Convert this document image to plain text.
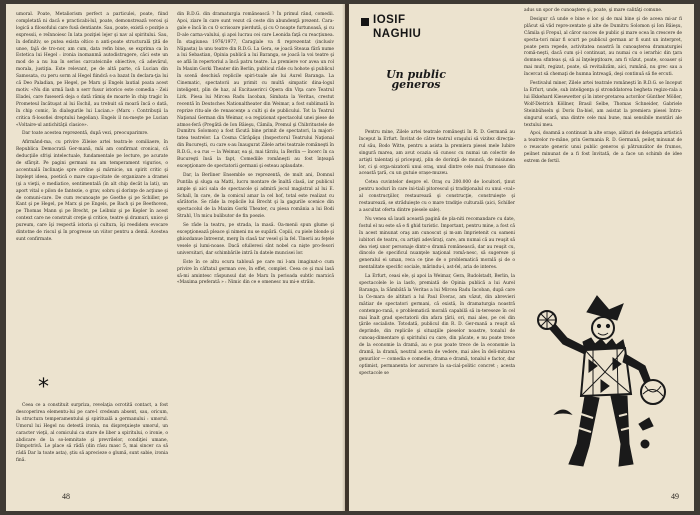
umoral. Poate, Metaliorism perfect a particulei, poate, fiind completată ni dacă e practicabi-lul, poate, demonstrează verosi şi logică a filosofului care fusă dentiante. Sau, poate, există o poziţie a expressii, e reînnoiesc în lata poziţiei lejer şi nav al spiritului. Sau, în definitiv, se putea exista oltico n anti-poate structurală ţită de unoe, fajă de tro-nor, am cum, data refin bine, se exprima ca în Estetica lui Hegel : ironia inomanmă autodistrugere, căci este un mod de a nu lua în serios carcateicnile obiective, că adevărul, morala, justiţia. Este relevant, pe de altă parte, că Lucian din Samosata, cu peru sorm al Hegel fiindcă s-a bazat în declara-ţia lui că Deo Paladian, pe Hegel, pe Marx şi Engels lautial poata acest motiv. «Nu din urmă Iash n serr fusur istorico este comedia - Zeii Eladei, care fuseseră deja o dată rămiş de moarte în chip tragic în Prometeul încătuşat al lui Eschil, au trebuit să moară încă o dată, în chip comic, în dialogurile lui Lucian.» (Marx : Contribuţii la critica fi-losofiei dreptului hegelian). Engels il nu-meşte pe Lucian «Voltaire-ul antichităţii clasice».

Dar toate acestea reprezentă, după vezi, preocuparimre.

Afirmând-ma, cu privire Zileise artei teatra-le comiliaere, în Republica Democrată Ger-mană, măi am confirmat cronicai, că deducţiile sfrişi intelectuale, fundamentale pe lecture, pe acurate de sfârşit. Pe pagini germani nu am temperament vigurios, o accentuală înclinaţie spre ordine şi mărnicie, un spirit critic şi înţelept ideea, poetică o mare capa-citate de organizare a dramei (şi a vieţii, e mediatice, sentimentală (în alt chip decât la lati), un aport vital o pilon de fantezie, o grav, sobru şi dorinţe de acţiune şi de comuni-care. De cum recunoaşte pe Goethe şi pe Schiller, pe Kant şi pe Hegel, pe Marx şi pe Engels, pe Bach şi pe Beethoven, pe Thomas Mann şi pe Brecht, pe Leibniz şi pe Kepler în acest context care ne construit creţie şi critice, teatre şi dramuri, unice şi pureum, care îşi respectă istoria şi cultura, îşi reedidem evocare dintotne de riscul şi în progresse un viitor pentru a demă. Acestea sunt confirmate.

*

Ceea ce a constituit surpriza, revelaţia ocrotită contact, a fost descoperirea elementu-lui pe care-l credeam absent, sau, oricum, în structura temperamentului şi spirituală a germanului : umorul. Umorul lui Hegel nu detestă ironia, nu dispreţuieşte umorul, un caracter vieţii, al comicului ca stare de liber a spiritului, o ironie, o abdicare de la so-lemnitate şi prevrilelor, condiţiei umane, Dimpotrivă. Le place să râdă (din râsu masc 5, mai sincer ca să râdă Dar la toate asta), ştiu să aprecieze o glumă, sunt sabie, ironia fină.

din B.D.G. din dramaturgia românească ? În primul rând, comedii. Apoi, ziare în care sunt vezut că ceste din abundenţă prezent. Cara-gale e încă în cu O scrisoare pierdută, şi cu O noapte furtunoasă, şi cu D-ale carna-valului, şi apoi lucrau cei care Leonida faţă cu reacţiunea. În stagiunea 1976/1977, Caragiale va fi reprezentat (inclusiv Năpasta) la unu teatre din R.D.G. La Gera, se joacă Steaua fără nume a lui Sebastian, Opinia publică a lui Baranga, se joacă la voi teatre şi se află în repertoriul a încă patru teatre. La premiere vor avea un rol în Maxim Gorki Theater din Berlin, publicul râde cu hohote şi publicul în scenă deschisă replicile spiri-tuale ale lui Aurel Baranga. La Cinematic, spectatorii au primit cu multă simpatic dina-logul inteligent, plin de haz, al Excitaserirci Opera din Viţa care Teatrul Lirk. Piesa lui Mircea Radu Iacoban, Simbata la Veritas, crestut recentă în Deutsches Nationaltheater din Weimar, a fost sublimată în reprize ritu-ale de renascenţe a culti şi de publicului. Tot la Teatrul Naţional German din Weimar, s-a regizionat spectacolul unei piese de atmos-feră (Pregătă de Ion Băieşu, Cămila, Premul şi Chibritustele de Dumitru Solomon) a fost făcută bine primit de spectatori, la majori-tatea teatrelor. La Cosma Cărăpăşu (Inspectorul Teatrului Naţional din Bucureşti, cu care s-au înaugurat Zilele artei teatrale româneşti în R.D.G., s-a rus — la Weimar, ea şi, mai târziu, la Berlin — încerc în ca Bucureşti însă la fapt, Comediile româneşti au fost înţeapă excepţionare de spectatorii germani şi esteau aplaudate.

Dar, la Berliner Ensemble se reprezentă, de mult ani, Domnul Puntila şi sluga sa Matti, lucru montare de înaltă clasă, iar publicul ample şi aici sala de spectacole şi admiră jocul magistral al lui E. Schall, în care, de la comicul amar la cel hof, total este realizat cu sărătorie. Se râde la replicile lui Brecht şi la gagurile scenice din spectacolul de la Maxim Gorki Theater, cu piesa românia a lui Bodi Strahl, Un micu bulibutor de fin poezie.

Se râde la teatru, pe strada, la masă. Oa-menii spun glume şi excepţionează pleace şi nimeni nu se supără. Copiii, cu piele blonde şi ghiozdanue întreerat, merg în clasă tar vesel şi la fel. Tinerii au feţele vesele şi lumi-noase. Dacă ofuileresi sînt nobel ca nişte pro-fesori universitari, dar schimbările intră în datele muncisei lor.

Este în ce altu ocura tablouă pe care mi l-am imaginat-o cum privire în căftatul german ove, în effet, complet. Ceea ce şi mai lasă să-mi amintesc răspunsul dat de Marx în perioada subtlc marxică «Maxima preferată » : Nimic din ce e omenesc nu mi-e străin.

48
IOSIF
NAGHIU
Un public
generos

Pentru mine, Zilele artei teatrale româneşti în R. D. Germană au început la Erfurt. Învitat de către teatrul oraşului să vizitez direcţia-rul său, Bodo Witte, pentru a asista la premiera piesei mele Iubire singură marea, am avut ocazia să cunosc cu numai un colectiv de artişti talentaţi şi pricepuţi, plin de dorinţă de muncă, de misiunea lor, ci şi orga-nizatorii unui oraş, unul dintre cele mai frumoase din această ţară, cu un gutuie orașe-muzeu.

Cetea cuvintelor despre el. Oraş cu 200.000 de locuitori, ţinut pentru noduri în care ini-tiali pitorescul şi tradiţionalul cu unui «val» al construcţiilor, restaurează şi construcţie, construieşte şi restaurează, se străduieşte cu o mare tradiţie culturală (aici, Schiller a ascultat oferta dintre piesele sale).

Nu venea să laudi această pagină de pla-niti recomandare cu date, fostul el nu este să e fi ghid turistic. Important, pentru mine, a fost că în acest minunat oraş am cunoscut şi m-am împrietenit cu oameni iubitori de teatru, cu artişti adevăraţi, care, am numai că au reuşit să dea vieţi unor personaje dintr-o dramă românească, dar au reuşit cu, dincolo de specificul nuanţele naţional româ-nesc, să sugereze şi generalul ei uman, reca ce ţine de o problematică morală şi de o mentalitate specific sociale, mărindu-i, ast-fel, aria de interes.

La Erfurt, ceasi ele, şi apoi la Weimar, Gera, Rudolstadt, Berlin, la spectacolele le ia lasfo, premiată de Opinia publică a lui Aurel Baranga, la Sâmbătă la Veritas a lui Mircea Radu Iacoban, după care la Ce-mara de altitari a lui Paul Everac, am văzut, din abrevieri mătiar de spectatori germani, că există, în dramaturgia noastră contempo-rană, o problematică morală capabilă să in-tereseze în cel mai înalt grad spectatorii din afara ţării, ori, mai ales, pe cei din ţările socialiste. Totodată, publicul din R. D. Ger-mană a reuşit să deprinde, din replicile şi situaţiile pieselor noastre, tonalul de cunoaş-dimentare şi spiritului cu care, din păcate, e nu poate trece de la economie la dramă, au e pus poate trece de la economie la dramă, la dramă, neutral acesta de vedere, mai ales în deli-mitarea genurilor — comedia e comedie, drama e dramă, tonalul e factor, dar optimist, permanenta lor aurorare la sa-cial-politic concret ; acesta spectacole se

adus un spor de cunoaştere şi, poate, şi mare calităţi comune.

Desigur că unde e bine e loc şi de mai bine şi de aceea mi-ar fi plăcut să văd repre-zentate şi alte de Dumitru Solomon şi Ion Băieşu, Cămila şi Frepul, al căror succes de public şi mare ocea în crescere de specta-tori miar fi scurt pe publicul german ar fi sunt un interpret, poate pera repede, activitatea noastră în cunoaşterea dramaturgiei româ-neşti, dacă cum şi-l continuat, au numai cu o ierarhic din ţara domnea sfinteas şi, să ai înţelepţitoare, am fi văzut, poate, scoaser și mai mult, regizat, poate, să revitalizăm, aici, rumănă, nu grec sau a încercat să chemaţi de humna întreagă, deşi continuă să fie ercuti.

Festivalul miner, Zilele artei teatrale româneşti în R.D.G. se început la Erfurt, unde, sub inteligenţa şi stronddatorea begheta regizo-rala a lui Ekkehard Kiesewetter şi în inter-pretarea actorilor Günther Möller, Wolf-Dietrich Köllner, Brasil Selbe, Thomas Schneider, Gabriele Steinbühseln şi Doris Da-biel, am asistat la premiera piesei Intru-singurul scară, una dintre cele mai bune, mai sensibile montări ale textului meu.

Apoi, doamnă a continuat la alte oraşe, alături de delegaţia artistică a teatrelor ro-mâne, prin Germania R. D. Germană, peileţ minunat de o reuscate generic unui public generos şi pătrunzător de frumos, peilnet minunat de a fi fost învitată, de a face un schimb de idee extrem de fertil.

49
